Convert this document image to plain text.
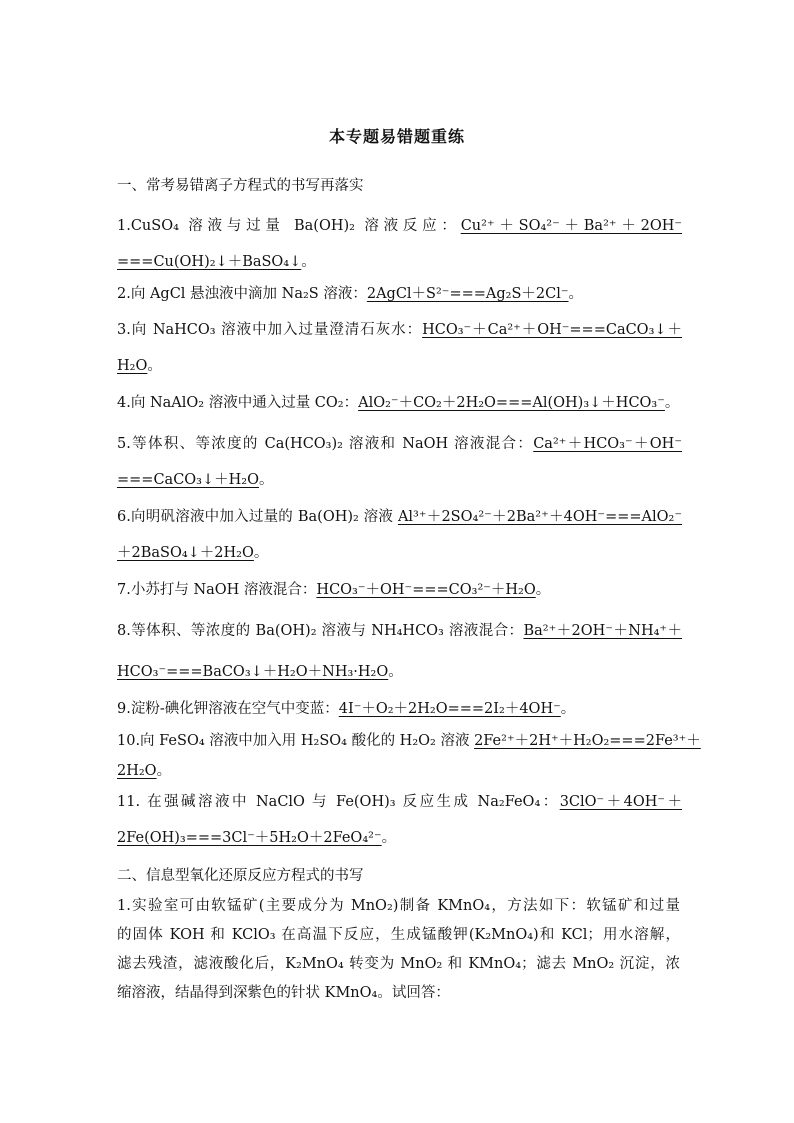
本专题易错题重练
一、常考易错离子方程式的书写再落实
1.CuSO₄ 溶液与过量 Ba(OH)₂ 溶液反应：Cu²⁺＋SO₄²⁻＋Ba²⁺＋2OH⁻
===Cu(OH)₂↓＋BaSO₄↓。
2.向 AgCl 悬浊液中滴加 Na₂S 溶液：2AgCl＋S²⁻===Ag₂S＋2Cl⁻。
3.向 NaHCO₃ 溶液中加入过量澄清石灰水：HCO₃⁻＋Ca²⁺＋OH⁻===CaCO₃↓＋
H₂O。
4.向 NaAlO₂ 溶液中通入过量 CO₂：AlO₂⁻＋CO₂＋2H₂O===Al(OH)₃↓＋HCO₃⁻。
5.等体积、等浓度的 Ca(HCO₃)₂ 溶液和 NaOH 溶液混合：Ca²⁺＋HCO₃⁻＋OH⁻
===CaCO₃↓＋H₂O。
6.向明矾溶液中加入过量的 Ba(OH)₂ 溶液 Al³⁺＋2SO₄²⁻＋2Ba²⁺＋4OH⁻===AlO₂⁻
＋2BaSO₄↓＋2H₂O。
7.小苏打与 NaOH 溶液混合：HCO₃⁻＋OH⁻===CO₃²⁻＋H₂O。
8.等体积、等浓度的 Ba(OH)₂ 溶液与 NH₄HCO₃ 溶液混合：Ba²⁺＋2OH⁻＋NH₄⁺＋
HCO₃⁻===BaCO₃↓＋H₂O＋NH₃·H₂O。
9.淀粉-碘化钾溶液在空气中变蓝：4I⁻＋O₂＋2H₂O===2I₂＋4OH⁻。
10.向 FeSO₄ 溶液中加入用 H₂SO₄ 酸化的 H₂O₂ 溶液 2Fe²⁺＋2H⁺＋H₂O₂===2Fe³⁺＋
2H₂O。
11. 在强碱溶液中 NaClO 与 Fe(OH)₃ 反应生成 Na₂FeO₄：3ClO⁻＋4OH⁻＋
2Fe(OH)₃===3Cl⁻＋5H₂O＋2FeO₄²⁻。
二、信息型氧化还原反应方程式的书写
1.实验室可由软锰矿(主要成分为 MnO₂)制备 KMnO₄，方法如下：软锰矿和过量
的固体 KOH 和 KClO₃ 在高温下反应，生成锰酸钾(K₂MnO₄)和 KCl；用水溶解，
滤去残渣，滤液酸化后，K₂MnO₄ 转变为 MnO₂ 和 KMnO₄；滤去 MnO₂ 沉淀，浓
缩溶液，结晶得到深紫色的针状 KMnO₄。试回答：
